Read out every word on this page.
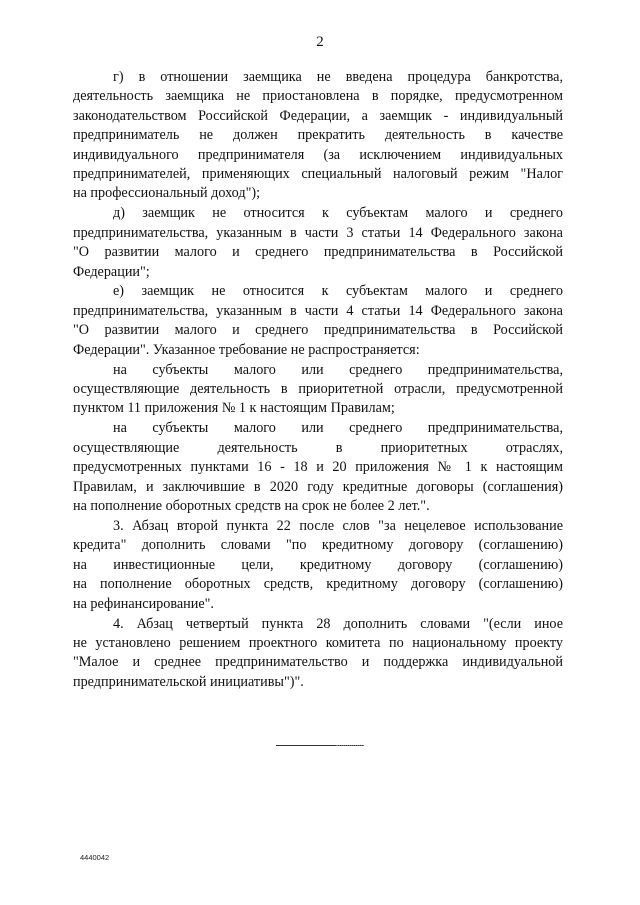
2
г) в отношении заемщика не введена процедура банкротства,
деятельность заемщика не приостановлена в порядке, предусмотренном
законодательством Российской Федерации, а заемщик - индивидуальный
предприниматель не должен прекратить деятельность в качестве
индивидуального предпринимателя (за исключением индивидуальных
предпринимателей, применяющих специальный налоговый режим "Налог
на профессиональный доход");
д) заемщик не относится к субъектам малого и среднего
предпринимательства, указанным в части 3 статьи 14 Федерального закона
"О развитии малого и среднего предпринимательства в Российской
Федерации";
е) заемщик не относится к субъектам малого и среднего
предпринимательства, указанным в части 4 статьи 14 Федерального закона
"О развитии малого и среднего предпринимательства в Российской
Федерации". Указанное требование не распространяется:
на субъекты малого или среднего предпринимательства,
осуществляющие деятельность в приоритетной отрасли, предусмотренной
пунктом 11 приложения № 1 к настоящим Правилам;
на субъекты малого или среднего предпринимательства,
осуществляющие деятельность в приоритетных отраслях,
предусмотренных пунктами 16 - 18 и 20 приложения № 1 к настоящим
Правилам, и заключившие в 2020 году кредитные договоры (соглашения)
на пополнение оборотных средств на срок не более 2 лет.".
3. Абзац второй пункта 22 после слов "за нецелевое использование
кредита" дополнить словами "по кредитному договору (соглашению)
на инвестиционные цели, кредитному договору (соглашению)
на пополнение оборотных средств, кредитному договору (соглашению)
на рефинансирование".
4. Абзац четвертый пункта 28 дополнить словами "(если иное
не установлено решением проектного комитета по национальному проекту
"Малое и среднее предпринимательство и поддержка индивидуальной
предпринимательской инициативы")".
4440042
